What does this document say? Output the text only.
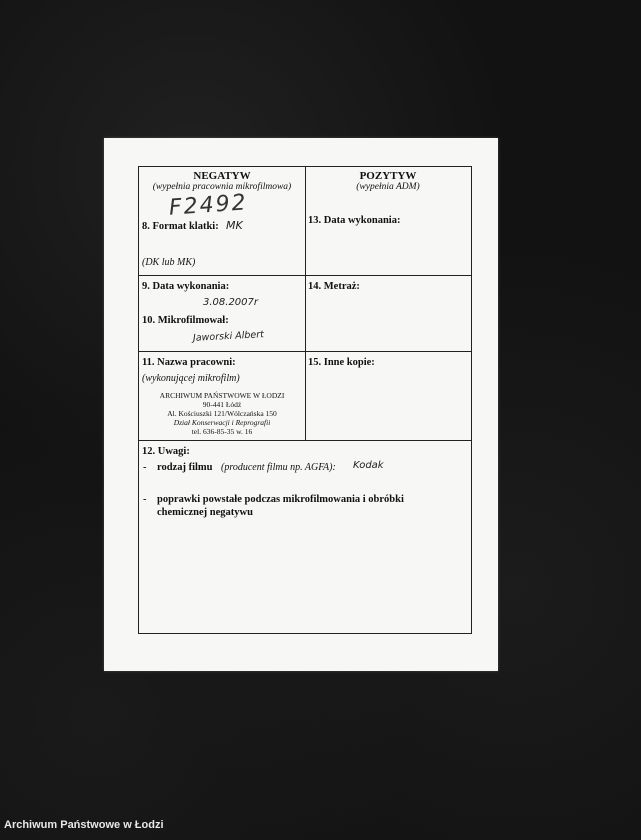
NEGATYW
(wypełnia pracownia mikrofilmowa)
F2492
8. Format klatki: MK
(DK lub MK)
POZYTYW
(wypełnia ADM)
13. Data wykonania:
9. Data wykonania:
3.08.2007r
10. Mikrofilmował:
Jaworski Albert
14. Metraż:
11. Nazwa pracowni:
(wykonującej mikrofilm)
ARCHIWUM PAŃSTWOWE W ŁODZI
90-441 Łódź
Al. Kościuszki 121/Wólczańska 150
Dział Konserwacji i Reprografii
tel. 636-85-35 w. 16
15. Inne kopie:
12. Uwagi:
- rodzaj filmu (producent filmu np. AGFA): Kodak
- poprawki powstałe podczas mikrofilmowania i obróbki
chemicznej negatywu
Archiwum Państwowe w Łodzi
